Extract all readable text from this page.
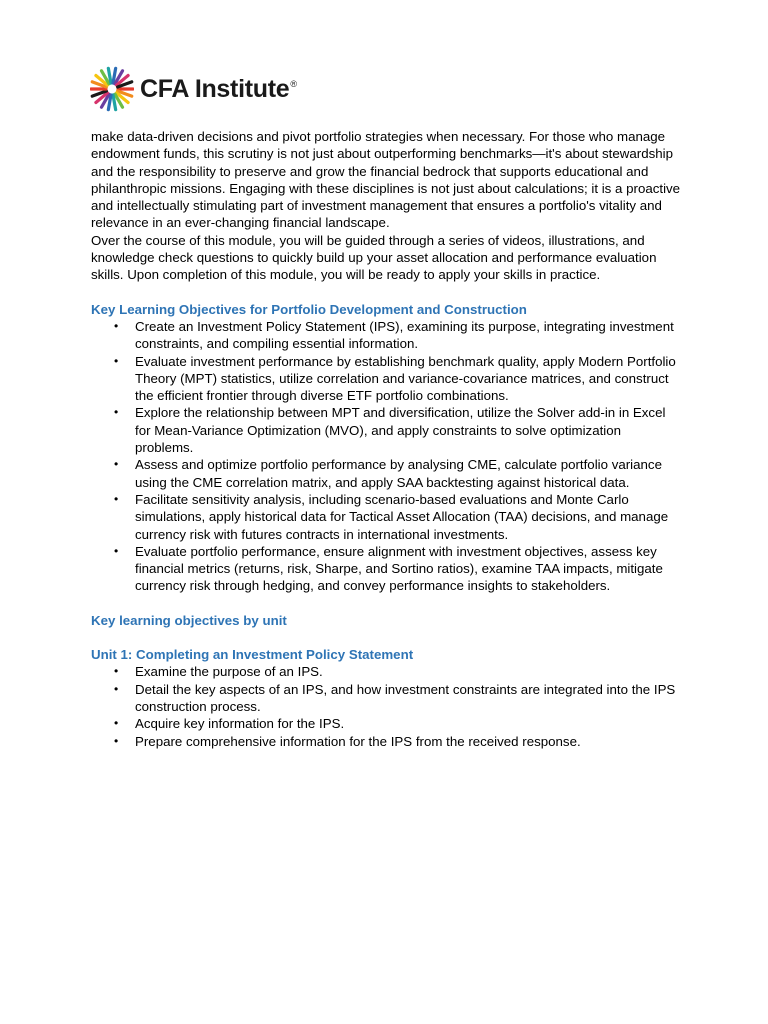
CFA Institute®

make data-driven decisions and pivot portfolio strategies when necessary. For those who manage endowment funds, this scrutiny is not just about outperforming benchmarks—it's about stewardship and the responsibility to preserve and grow the financial bedrock that supports educational and philanthropic missions. Engaging with these disciplines is not just about calculations; it is a proactive and intellectually stimulating part of investment management that ensures a portfolio's vitality and relevance in an ever-changing financial landscape.

Over the course of this module, you will be guided through a series of videos, illustrations, and knowledge check questions to quickly build up your asset allocation and performance evaluation skills. Upon completion of this module, you will be ready to apply your skills in practice.

Key Learning Objectives for Portfolio Development and Construction

• Create an Investment Policy Statement (IPS), examining its purpose, integrating investment constraints, and compiling essential information.
• Evaluate investment performance by establishing benchmark quality, apply Modern Portfolio Theory (MPT) statistics, utilize correlation and variance-covariance matrices, and construct the efficient frontier through diverse ETF portfolio combinations.
• Explore the relationship between MPT and diversification, utilize the Solver add-in in Excel for Mean-Variance Optimization (MVO), and apply constraints to solve optimization problems.
• Assess and optimize portfolio performance by analysing CME, calculate portfolio variance using the CME correlation matrix, and apply SAA backtesting against historical data.
• Facilitate sensitivity analysis, including scenario-based evaluations and Monte Carlo simulations, apply historical data for Tactical Asset Allocation (TAA) decisions, and manage currency risk with futures contracts in international investments.
• Evaluate portfolio performance, ensure alignment with investment objectives, assess key financial metrics (returns, risk, Sharpe, and Sortino ratios), examine TAA impacts, mitigate currency risk through hedging, and convey performance insights to stakeholders.

Key learning objectives by unit

Unit 1: Completing an Investment Policy Statement

• Examine the purpose of an IPS.
• Detail the key aspects of an IPS, and how investment constraints are integrated into the IPS construction process.
• Acquire key information for the IPS.
• Prepare comprehensive information for the IPS from the received response.
